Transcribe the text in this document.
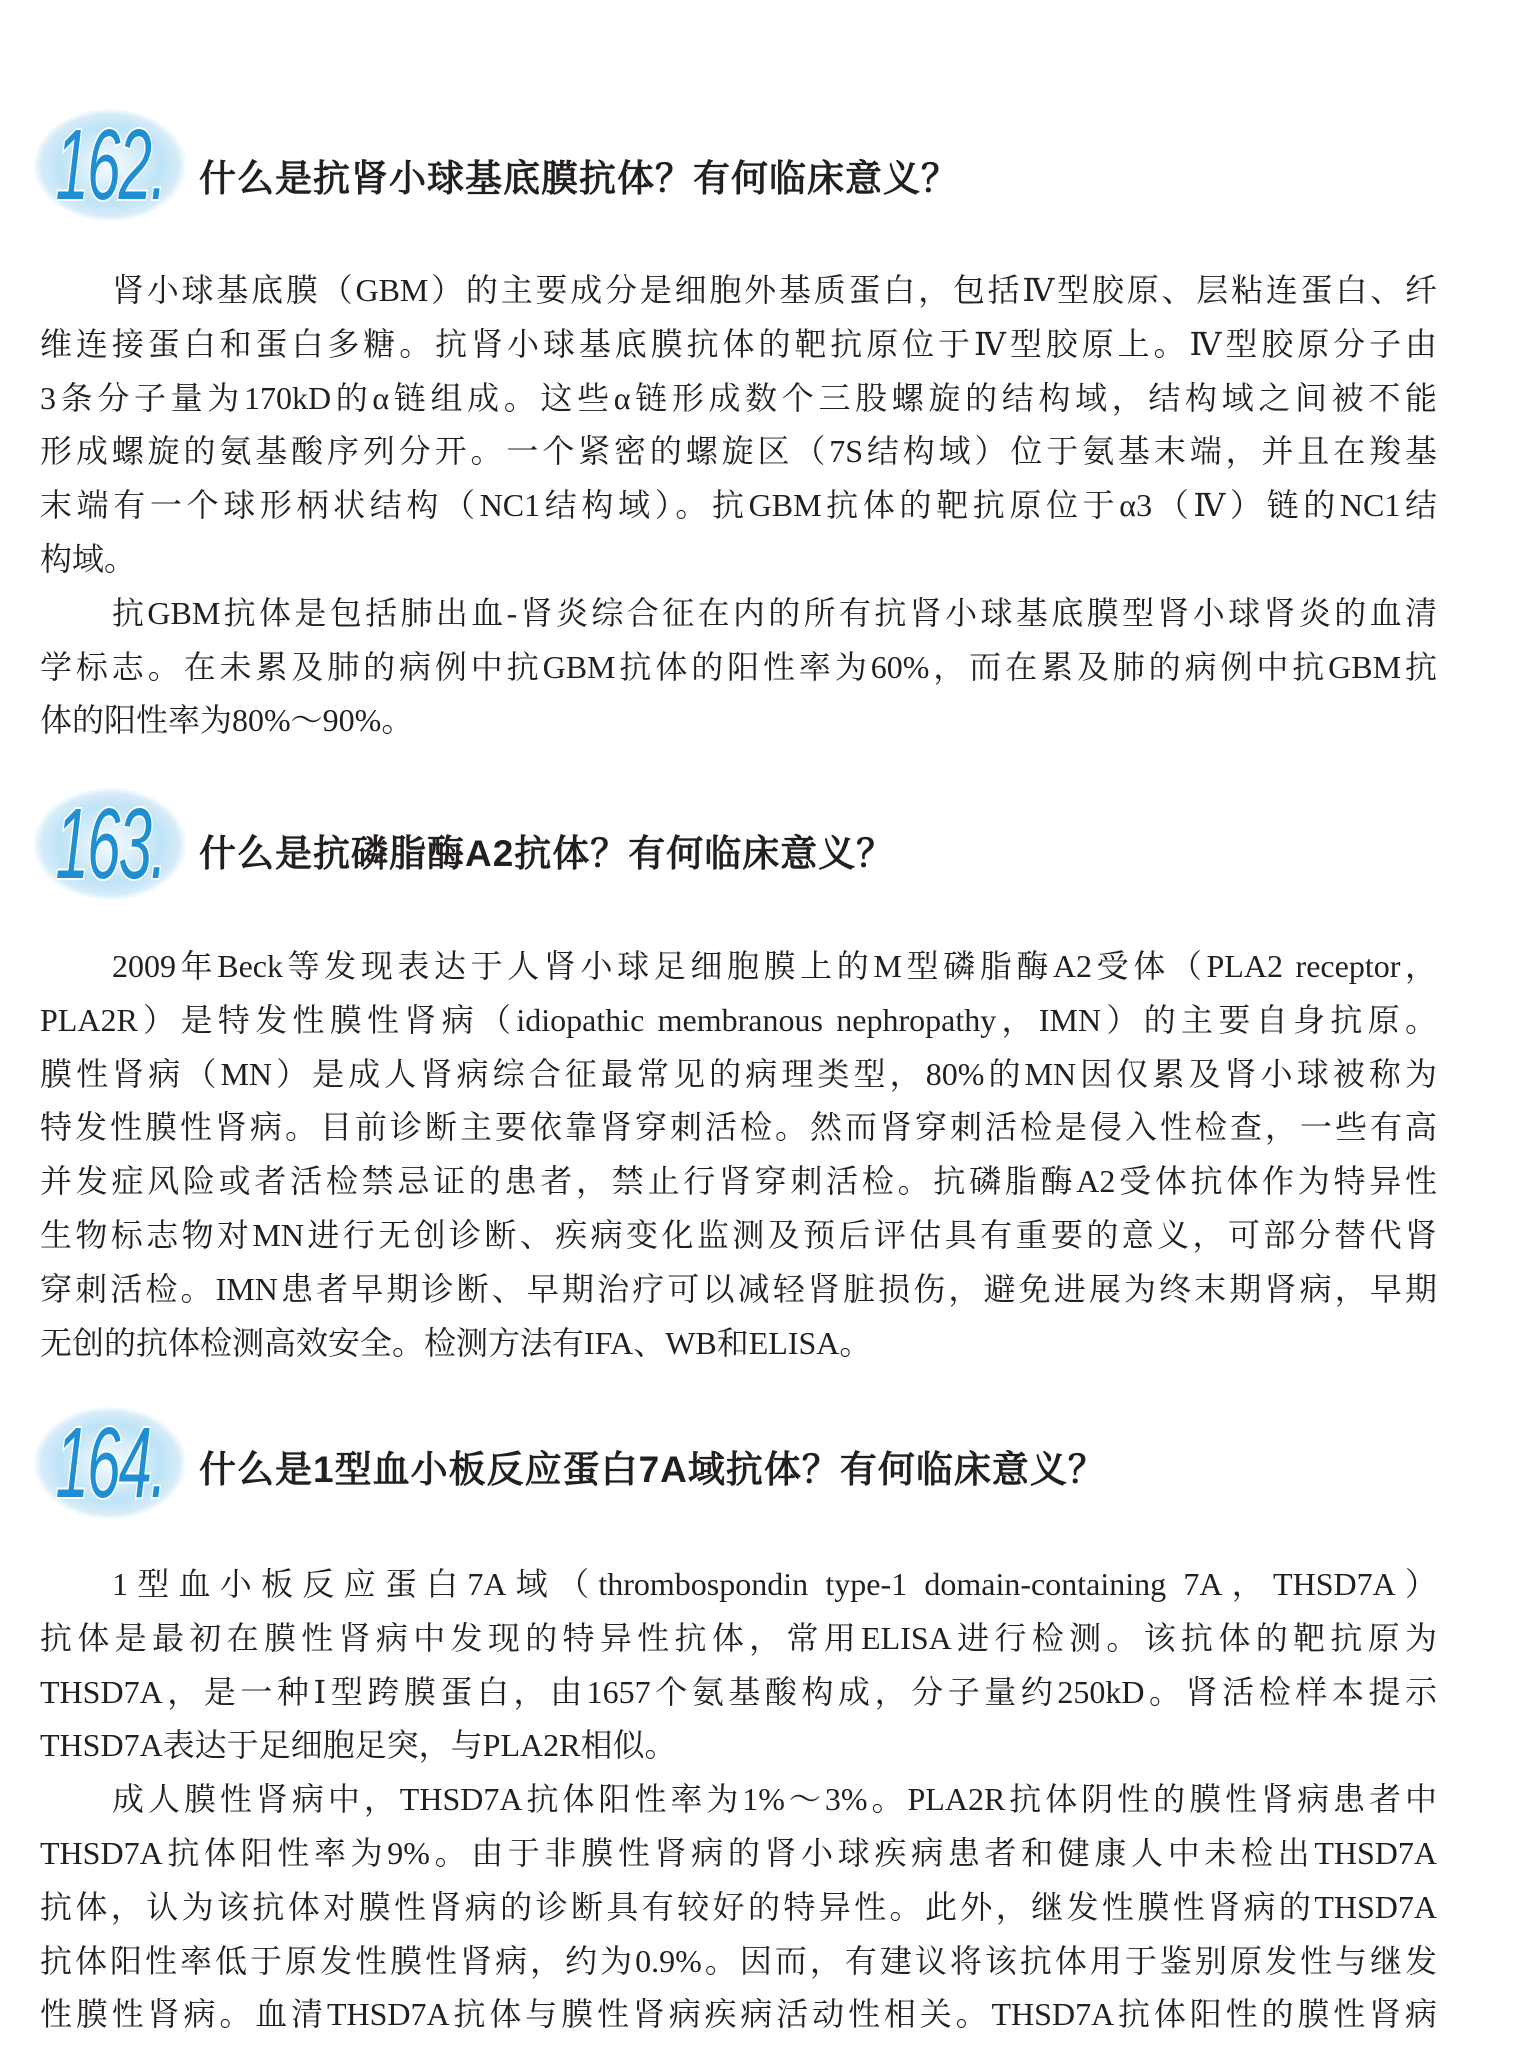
162. 什么是抗肾小球基底膜抗体？有何临床意义？
肾小球基底膜（GBM）的主要成分是细胞外基质蛋白，包括Ⅳ型胶原、层粘连蛋白、纤
维连接蛋白和蛋白多糖。抗肾小球基底膜抗体的靶抗原位于Ⅳ型胶原上。Ⅳ型胶原分子由
3条分子量为170kD的α链组成。这些α链形成数个三股螺旋的结构域，结构域之间被不能
形成螺旋的氨基酸序列分开。一个紧密的螺旋区（7S结构域）位于氨基末端，并且在羧基
末端有一个球形柄状结构（NC1结构域）。抗GBM抗体的靶抗原位于α3（Ⅳ）链的NC1结
构域。
抗GBM抗体是包括肺出血-肾炎综合征在内的所有抗肾小球基底膜型肾小球肾炎的血清
学标志。在未累及肺的病例中抗GBM抗体的阳性率为60%，而在累及肺的病例中抗GBM抗
体的阳性率为80%～90%。
163. 什么是抗磷脂酶A2抗体？有何临床意义？
2009年Beck等发现表达于人肾小球足细胞膜上的M型磷脂酶A2受体（PLA2 receptor，
PLA2R）是特发性膜性肾病（idiopathic membranous nephropathy，IMN）的主要自身抗原。
膜性肾病（MN）是成人肾病综合征最常见的病理类型，80%的MN因仅累及肾小球被称为
特发性膜性肾病。目前诊断主要依靠肾穿刺活检。然而肾穿刺活检是侵入性检查，一些有高
并发症风险或者活检禁忌证的患者，禁止行肾穿刺活检。抗磷脂酶A2受体抗体作为特异性
生物标志物对MN进行无创诊断、疾病变化监测及预后评估具有重要的意义，可部分替代肾
穿刺活检。IMN患者早期诊断、早期治疗可以减轻肾脏损伤，避免进展为终末期肾病，早期
无创的抗体检测高效安全。检测方法有IFA、WB和ELISA。
164. 什么是1型血小板反应蛋白7A域抗体？有何临床意义？
1型血小板反应蛋白7A域（thrombospondin type-1 domain-containing 7A，THSD7A）
抗体是最初在膜性肾病中发现的特异性抗体，常用ELISA进行检测。该抗体的靶抗原为
THSD7A，是一种Ⅰ型跨膜蛋白，由1657个氨基酸构成，分子量约250kD。肾活检样本提示
THSD7A表达于足细胞足突，与PLA2R相似。
成人膜性肾病中，THSD7A抗体阳性率为1%～3%。PLA2R抗体阴性的膜性肾病患者中
THSD7A抗体阳性率为9%。由于非膜性肾病的肾小球疾病患者和健康人中未检出THSD7A
抗体，认为该抗体对膜性肾病的诊断具有较好的特异性。此外，继发性膜性肾病的THSD7A
抗体阳性率低于原发性膜性肾病，约为0.9%。因而，有建议将该抗体用于鉴别原发性与继发
性膜性肾病。血清THSD7A抗体与膜性肾病疾病活动性相关。THSD7A抗体阳性的膜性肾病
